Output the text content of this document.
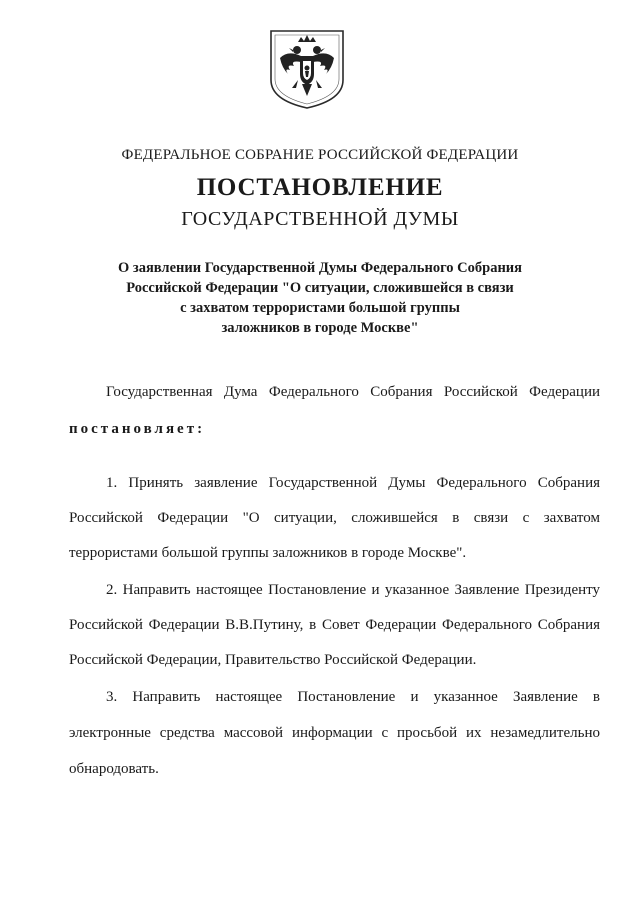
ФЕДЕРАЛЬНОЕ СОБРАНИЕ РОССИЙСКОЙ ФЕДЕРАЦИИ
ПОСТАНОВЛЕНИЕ
ГОСУДАРСТВЕННОЙ ДУМЫ
О заявлении Государственной Думы Федерального Собрания
Российской Федерации "О ситуации, сложившейся в связи
с захватом террористами большой группы
заложников в городе Москве"
Государственная Дума Федерального Собрания Российской Федерации
постановляет:
1. Принять заявление Государственной Думы Федерального Собрания
Российской Федерации "О ситуации, сложившейся в связи с захватом
террористами большой группы заложников в городе Москве".
2. Направить настоящее Постановление и указанное Заявление Президенту
Российской Федерации В.В.Путину, в Совет Федерации Федерального Собрания
Российской Федерации, Правительство Российской Федерации.
3. Направить настоящее Постановление и указанное Заявление в
электронные средства массовой информации с просьбой их незамедлительно
обнародовать.
